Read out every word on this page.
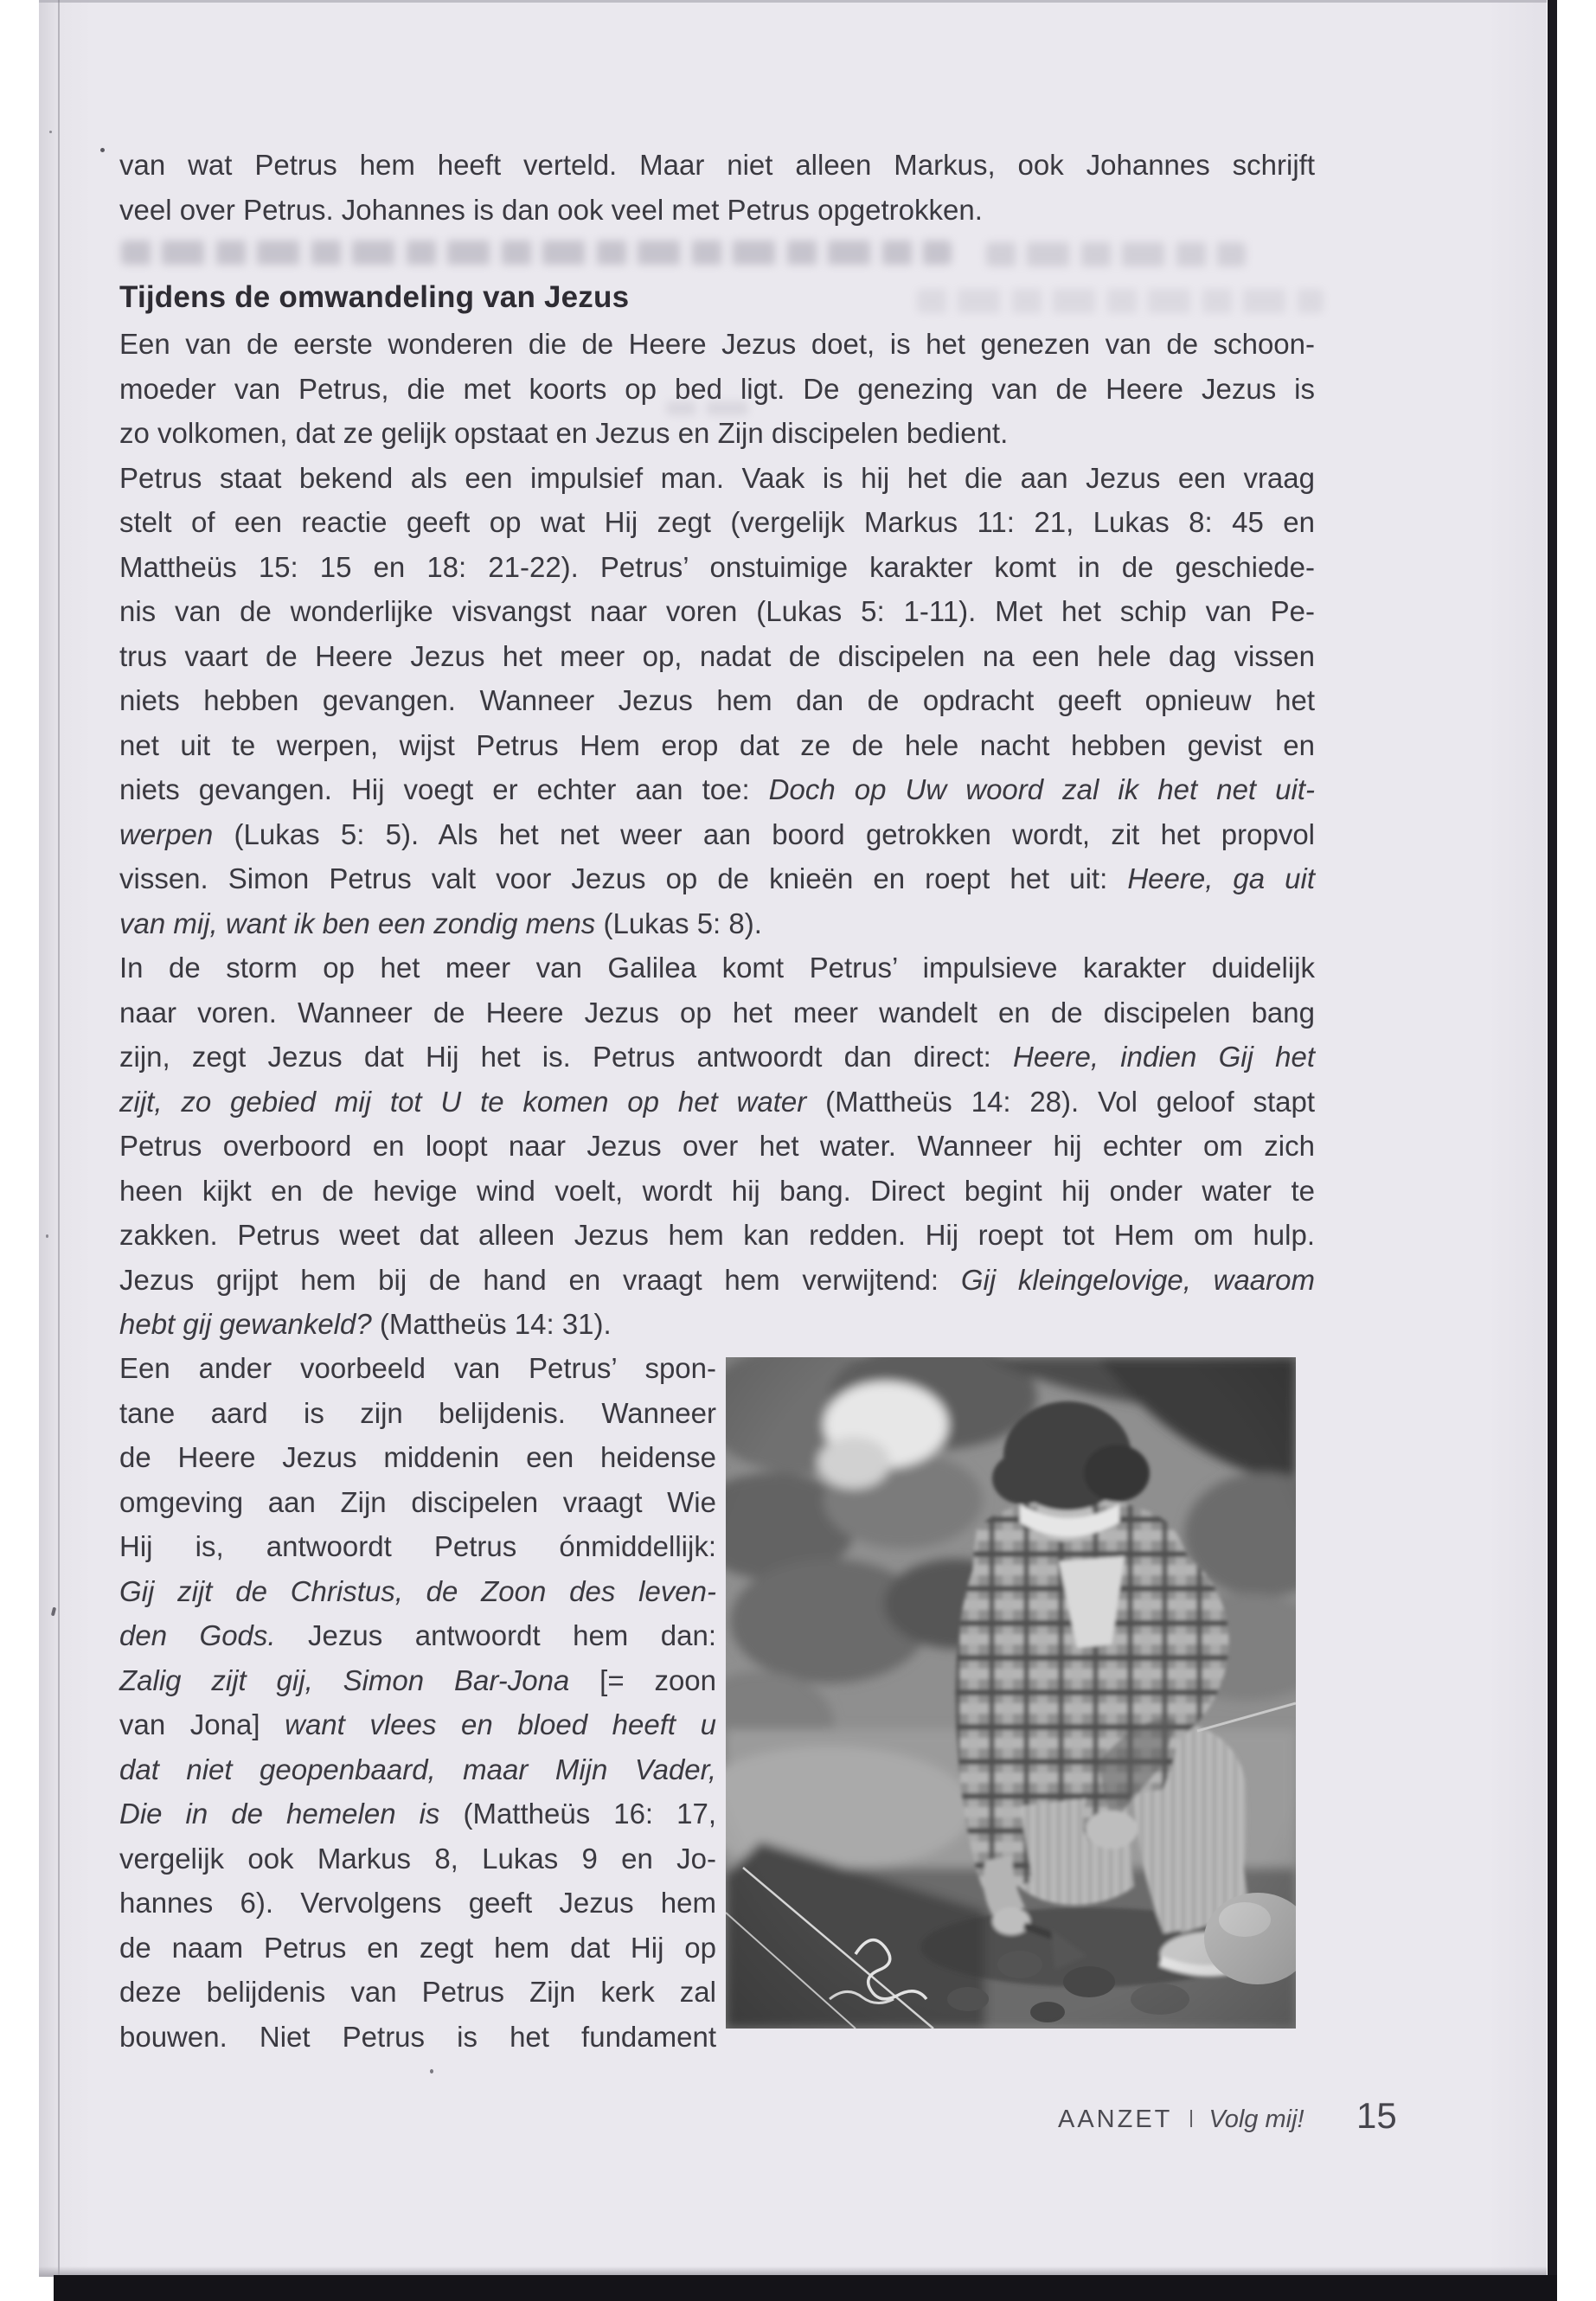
van wat Petrus hem heeft verteld. Maar niet alleen Markus, ook Johannes schrijft
veel over Petrus. Johannes is dan ook veel met Petrus opgetrokken.
Tijdens de omwandeling van Jezus
Een van de eerste wonderen die de Heere Jezus doet, is het genezen van de schoon-
moeder van Petrus, die met koorts op bed ligt. De genezing van de Heere Jezus is
zo volkomen, dat ze gelijk opstaat en Jezus en Zijn discipelen bedient.
Petrus staat bekend als een impulsief man. Vaak is hij het die aan Jezus een vraag
stelt of een reactie geeft op wat Hij zegt (vergelijk Markus 11: 21, Lukas 8: 45 en
Mattheüs 15: 15 en 18: 21-22). Petrus’ onstuimige karakter komt in de geschiede-
nis van de wonderlijke visvangst naar voren (Lukas 5: 1-11). Met het schip van Pe-
trus vaart de Heere Jezus het meer op, nadat de discipelen na een hele dag vissen
niets hebben gevangen. Wanneer Jezus hem dan de opdracht geeft opnieuw het
net uit te werpen, wijst Petrus Hem erop dat ze de hele nacht hebben gevist en
niets gevangen. Hij voegt er echter aan toe: Doch op Uw woord zal ik het net uit-
werpen (Lukas 5: 5). Als het net weer aan boord getrokken wordt, zit het propvol
vissen. Simon Petrus valt voor Jezus op de knieën en roept het uit: Heere, ga uit
van mij, want ik ben een zondig mens (Lukas 5: 8).
In de storm op het meer van Galilea komt Petrus’ impulsieve karakter duidelijk
naar voren. Wanneer de Heere Jezus op het meer wandelt en de discipelen bang
zijn, zegt Jezus dat Hij het is. Petrus antwoordt dan direct: Heere, indien Gij het
zijt, zo gebied mij tot U te komen op het water (Mattheüs 14: 28). Vol geloof stapt
Petrus overboord en loopt naar Jezus over het water. Wanneer hij echter om zich
heen kijkt en de hevige wind voelt, wordt hij bang. Direct begint hij onder water te
zakken. Petrus weet dat alleen Jezus hem kan redden. Hij roept tot Hem om hulp.
Jezus grijpt hem bij de hand en vraagt hem verwijtend: Gij kleingelovige, waarom
hebt gij gewankeld? (Mattheüs 14: 31).
Een ander voorbeeld van Petrus’ spon-
tane aard is zijn belijdenis. Wanneer
de Heere Jezus middenin een heidense
omgeving aan Zijn discipelen vraagt Wie
Hij is, antwoordt Petrus ónmiddellijk:
Gij zijt de Christus, de Zoon des leven-
den Gods. Jezus antwoordt hem dan:
Zalig zijt gij, Simon Bar-Jona [= zoon
van Jona] want vlees en bloed heeft u
dat niet geopenbaard, maar Mijn Vader,
Die in de hemelen is (Mattheüs 16: 17,
vergelijk ook Markus 8, Lukas 9 en Jo-
hannes 6). Vervolgens geeft Jezus hem
de naam Petrus en zegt hem dat Hij op
deze belijdenis van Petrus Zijn kerk zal
bouwen. Niet Petrus is het fundament
AANZET I Volg mij! 15
